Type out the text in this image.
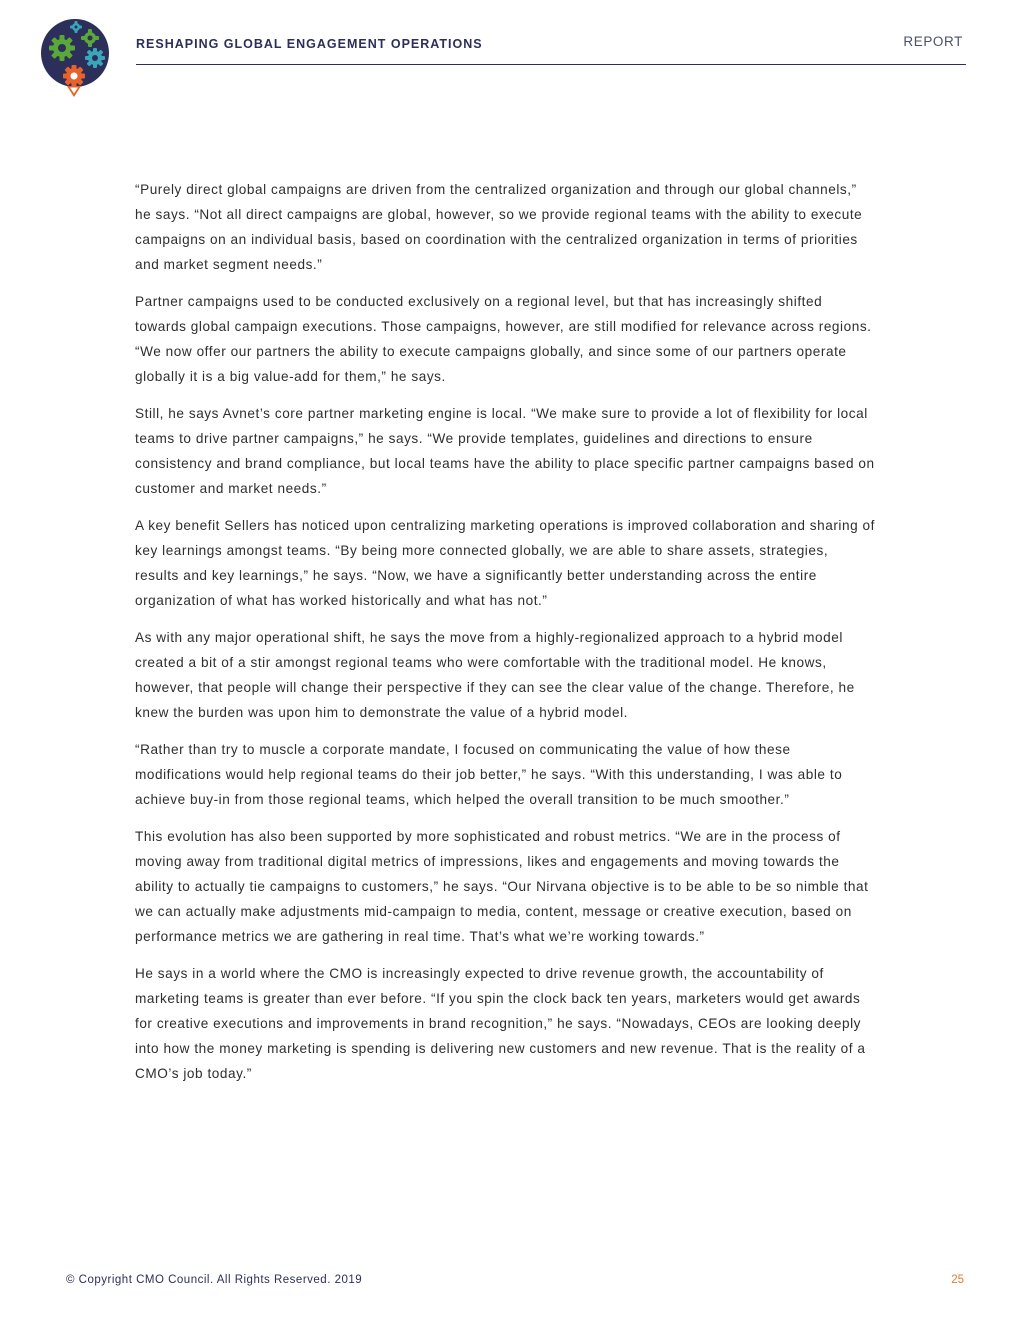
RESHAPING GLOBAL ENGAGEMENT OPERATIONS	REPORT

“Purely direct global campaigns are driven from the centralized organization and through our global channels,” he says. “Not all direct campaigns are global, however, so we provide regional teams with the ability to execute campaigns on an individual basis, based on coordination with the centralized organization in terms of priorities and market segment needs.”

Partner campaigns used to be conducted exclusively on a regional level, but that has increasingly shifted towards global campaign executions. Those campaigns, however, are still modified for relevance across regions. “We now offer our partners the ability to execute campaigns globally, and since some of our partners operate globally it is a big value-add for them,” he says.

Still, he says Avnet’s core partner marketing engine is local. “We make sure to provide a lot of flexibility for local teams to drive partner campaigns,” he says. “We provide templates, guidelines and directions to ensure consistency and brand compliance, but local teams have the ability to place specific partner campaigns based on customer and market needs.”

A key benefit Sellers has noticed upon centralizing marketing operations is improved collaboration and sharing of key learnings amongst teams. “By being more connected globally, we are able to share assets, strategies, results and key learnings,” he says. “Now, we have a significantly better understanding across the entire organization of what has worked historically and what has not.”

As with any major operational shift, he says the move from a highly-regionalized approach to a hybrid model created a bit of a stir amongst regional teams who were comfortable with the traditional model. He knows, however, that people will change their perspective if they can see the clear value of the change. Therefore, he knew the burden was upon him to demonstrate the value of a hybrid model.

“Rather than try to muscle a corporate mandate, I focused on communicating the value of how these modifications would help regional teams do their job better,” he says. “With this understanding, I was able to achieve buy-in from those regional teams, which helped the overall transition to be much smoother.”

This evolution has also been supported by more sophisticated and robust metrics. “We are in the process of moving away from traditional digital metrics of impressions, likes and engagements and moving towards the ability to actually tie campaigns to customers,” he says. “Our Nirvana objective is to be able to be so nimble that we can actually make adjustments mid-campaign to media, content, message or creative execution, based on performance metrics we are gathering in real time. That’s what we’re working towards.”

He says in a world where the CMO is increasingly expected to drive revenue growth, the accountability of marketing teams is greater than ever before. “If you spin the clock back ten years, marketers would get awards for creative executions and improvements in brand recognition,” he says. “Nowadays, CEOs are looking deeply into how the money marketing is spending is delivering new customers and new revenue. That is the reality of a CMO’s job today.”

© Copyright CMO Council. All Rights Reserved. 2019	25
